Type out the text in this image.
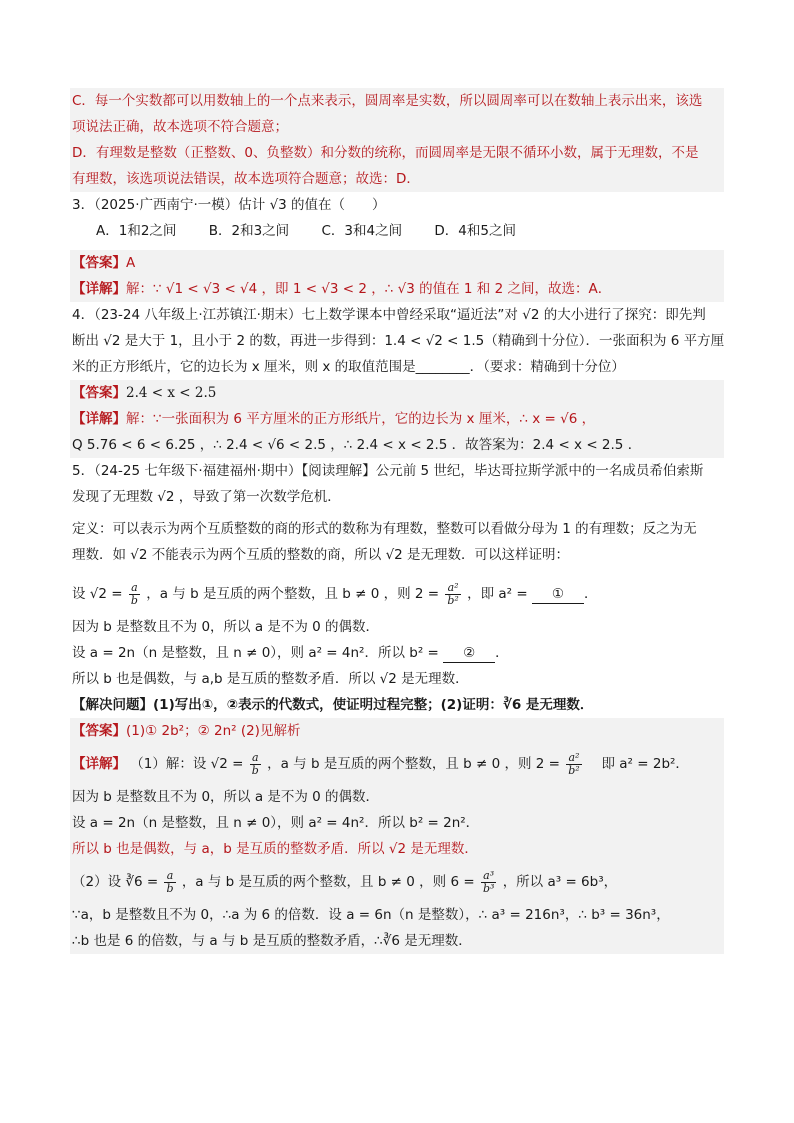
C．每一个实数都可以用数轴上的一个点来表示，圆周率是实数，所以圆周率可以在数轴上表示出来，该选
项说法正确，故本选项不符合题意；
D．有理数是整数（正整数、0、负整数）和分数的统称，而圆周率是无限不循环小数，属于无理数，不是
有理数，该选项说法错误，故本选项符合题意；故选：D．
3．（2025·广西南宁·一模）估计 √3 的值在（　　）
A．1和2之间 B．2和3之间 C．3和4之间 D．4和5之间
【答案】A
【详解】解：∵ √1 < √3 < √4 ，即 1 < √3 < 2 ，∴ √3 的值在 1 和 2 之间，故选：A．
4．（23-24 八年级上·江苏镇江·期末）七上数学课本中曾经采取“逼近法”对 √2 的大小进行了探究：即先判
断出 √2 是大于 1，且小于 2 的数，再进一步得到：1.4 < √2 < 1.5（精确到十分位）．一张面积为 6 平方厘
米的正方形纸片，它的边长为 x 厘米，则 x 的取值范围是________．（要求：精确到十分位）
【答案】2.4 < x < 2.5
【详解】解：∵一张面积为 6 平方厘米的正方形纸片，它的边长为 x 厘米，∴ x = √6 ，
Q 5.76 < 6 < 6.25 ，∴ 2.4 < √6 < 2.5 ，∴ 2.4 < x < 2.5 ．故答案为：2.4 < x < 2.5 ．
5．（24-25 七年级下·福建福州·期中）【阅读理解】公元前 5 世纪，毕达哥拉斯学派中的一名成员希伯索斯
发现了无理数 √2 ，导致了第一次数学危机．
定义：可以表示为两个互质整数的商的形式的数称为有理数，整数可以看做分母为 1 的有理数；反之为无
理数．如 √2 不能表示为两个互质的整数的商，所以 √2 是无理数．可以这样证明：
设 $√2 = \frac{a}{b}$ ，a 与 b 是互质的两个整数，且 b ≠ 0 ，则 $2 = \frac{\text{a²}}{\text{b²}}$ ，即 a² = ① ．
因为 b 是整数且不为 0，所以 a 是不为 0 的偶数．
设 a = 2n（n 是整数，且 n ≠ 0），则 a² = 4n²．所以 b² = ② ．
所以 b 也是偶数，与 a,b 是互质的整数矛盾．所以 √2 是无理数．
【解决问题】(1)写出①，②表示的代数式，使证明过程完整；(2)证明：∛6 是无理数．
【答案】(1)① 2b²；② 2n² (2)见解析
【详解】 （1）解：设 $√2 = \frac{a}{b}$ ，a 与 b 是互质的两个整数，且 b ≠ 0 ，则 $2 = \frac{\text{a²}}{\text{b²}}$ 　即 a² = 2b²．
因为 b 是整数且不为 0，所以 a 是不为 0 的偶数．
设 a = 2n（n 是整数，且 n ≠ 0），则 a² = 4n²．所以 b² = 2n²．
所以 b 也是偶数，与 a，b 是互质的整数矛盾．所以 √2 是无理数．
（2）设 ∛6 = $\frac{a}{b}$ ，a 与 b 是互质的两个整数，且 b ≠ 0 ，则 $6 = \frac{\text{a³}}{\text{b³}}$ ，所以 a³ = 6b³，
∵a，b 是整数且不为 0，∴a 为 6 的倍数．设 a = 6n（n 是整数），∴ a³ = 216n³，∴ b³ = 36n³，
∴b 也是 6 的倍数，与 a 与 b 是互质的整数矛盾，∴∛6 是无理数．
